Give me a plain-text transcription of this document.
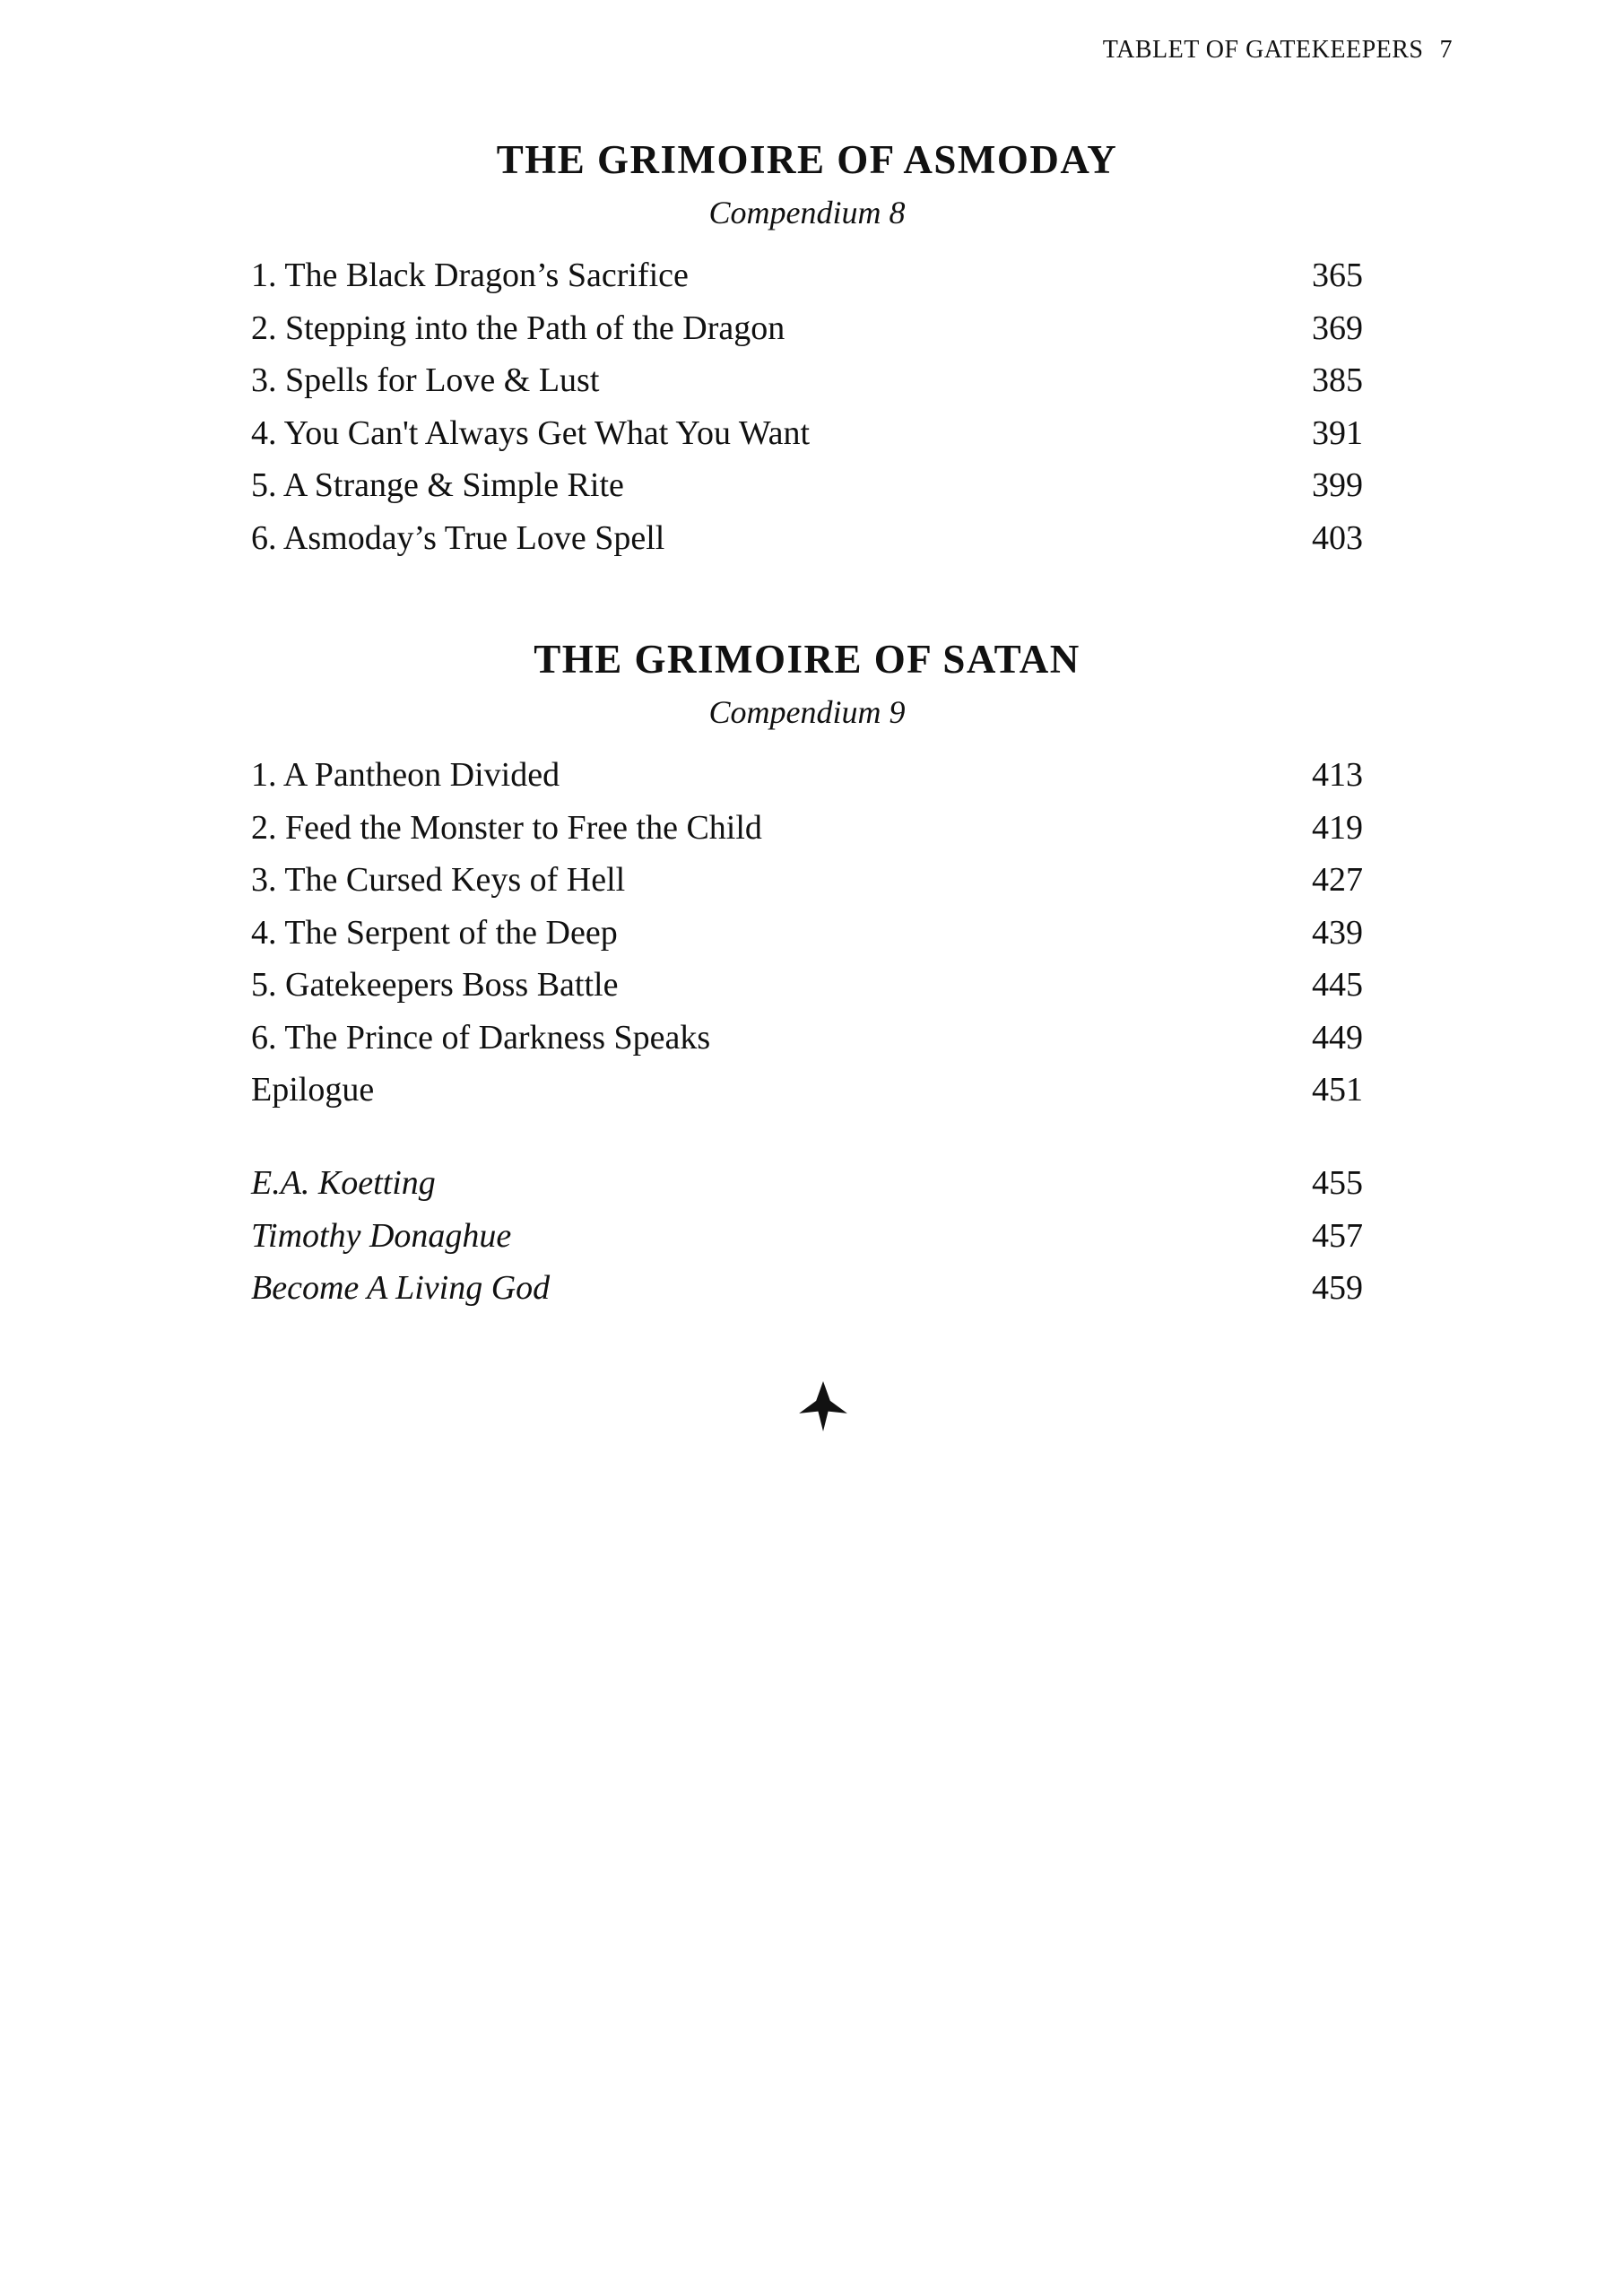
TABLET OF GATEKEEPERS 7
THE GRIMOIRE OF ASMODAY

Compendium 8

1. The Black Dragon’s Sacrifice	365
2. Stepping into the Path of the Dragon	369
3. Spells for Love & Lust	385
4. You Can't Always Get What You Want	391
5. A Strange & Simple Rite	399
6. Asmoday’s True Love Spell	403
THE GRIMOIRE OF SATAN

Compendium 9

1. A Pantheon Divided	413
2. Feed the Monster to Free the Child	419
3. The Cursed Keys of Hell	427
4. The Serpent of the Deep	439
5. Gatekeepers Boss Battle	445
6. The Prince of Darkness Speaks	449
Epilogue	451
E.A. Koetting	455
Timothy Donaghue	457
Become A Living God	459
